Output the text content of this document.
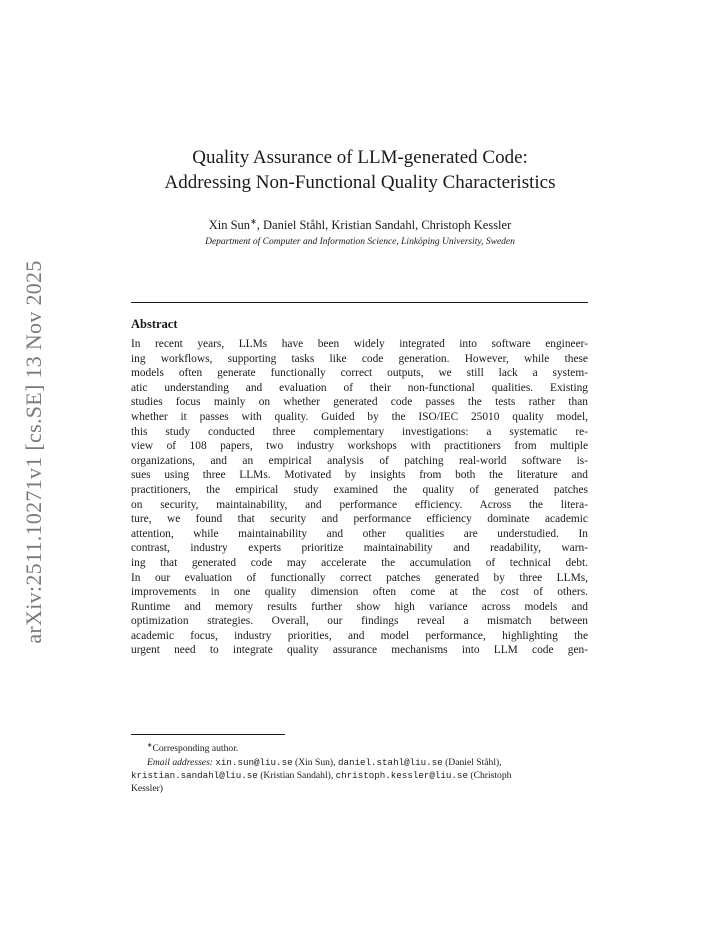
arXiv:2511.10271v1 [cs.SE] 13 Nov 2025
Quality Assurance of LLM-generated Code:
Addressing Non-Functional Quality Characteristics
Xin Sun∗, Daniel Ståhl, Kristian Sandahl, Christoph Kessler
Department of Computer and Information Science, Linköping University, Sweden
Abstract
In recent years, LLMs have been widely integrated into software engineer-
ing workflows, supporting tasks like code generation. However, while these
models often generate functionally correct outputs, we still lack a system-
atic understanding and evaluation of their non-functional qualities. Existing
studies focus mainly on whether generated code passes the tests rather than
whether it passes with quality. Guided by the ISO/IEC 25010 quality model,
this study conducted three complementary investigations: a systematic re-
view of 108 papers, two industry workshops with practitioners from multiple
organizations, and an empirical analysis of patching real-world software is-
sues using three LLMs. Motivated by insights from both the literature and
practitioners, the empirical study examined the quality of generated patches
on security, maintainability, and performance efficiency. Across the litera-
ture, we found that security and performance efficiency dominate academic
attention, while maintainability and other qualities are understudied. In
contrast, industry experts prioritize maintainability and readability, warn-
ing that generated code may accelerate the accumulation of technical debt.
In our evaluation of functionally correct patches generated by three LLMs,
improvements in one quality dimension often come at the cost of others.
Runtime and memory results further show high variance across models and
optimization strategies. Overall, our findings reveal a mismatch between
academic focus, industry priorities, and model performance, highlighting the
urgent need to integrate quality assurance mechanisms into LLM code gen-
∗Corresponding author.
Email addresses: xin.sun@liu.se (Xin Sun), daniel.stahl@liu.se (Daniel Ståhl),
kristian.sandahl@liu.se (Kristian Sandahl), christoph.kessler@liu.se (Christoph
Kessler)
